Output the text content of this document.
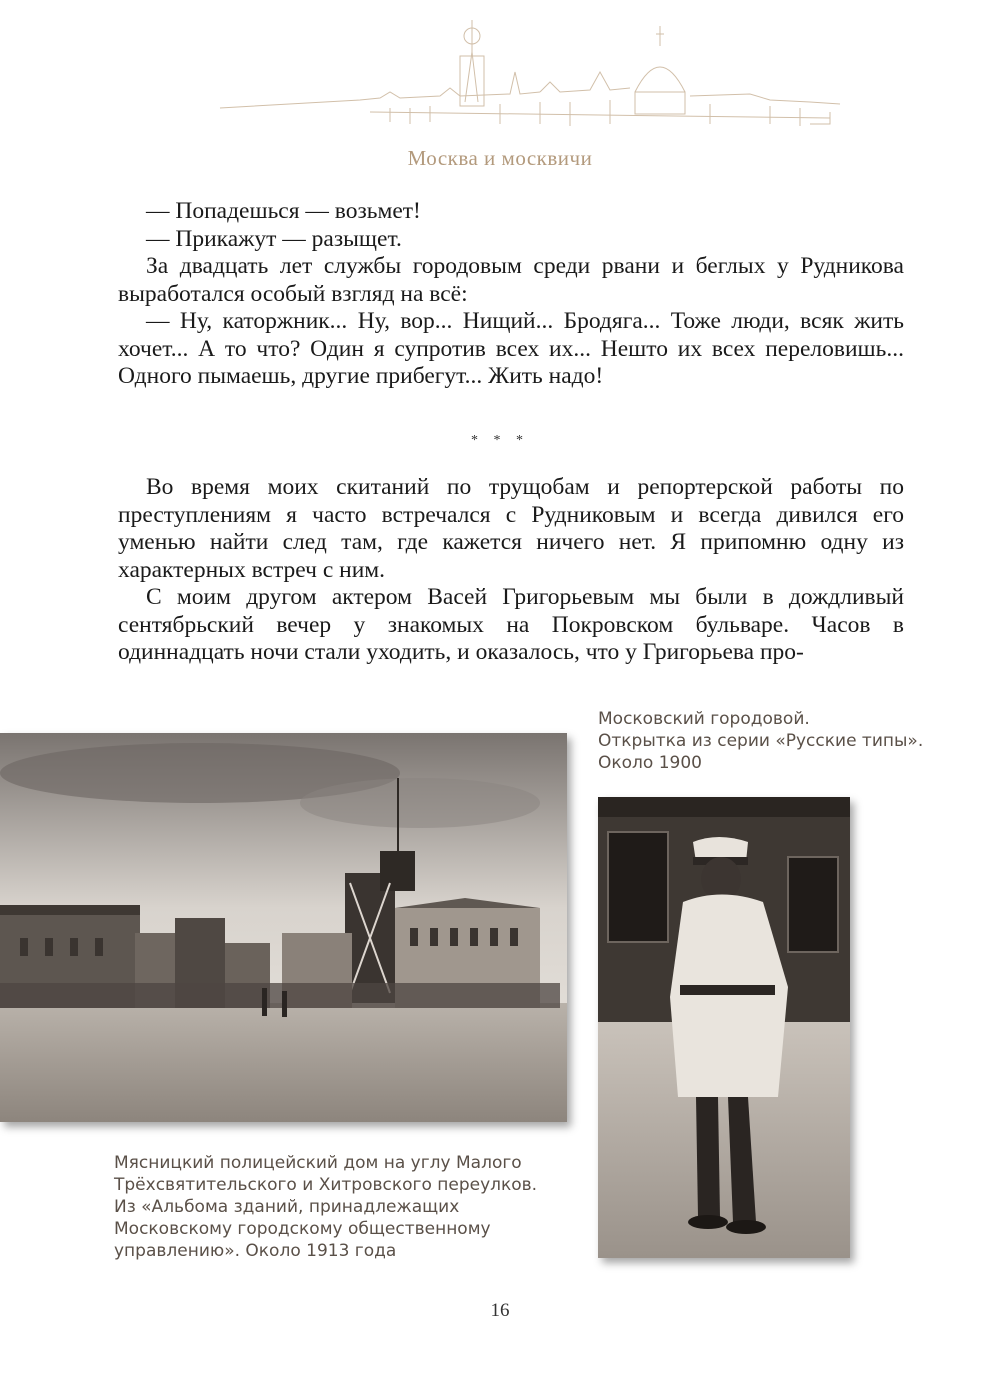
Москва и москвичи

— Попадешься — возьмет!

— Прикажут — разыщет.

За двадцать лет службы городовым среди рвани и беглых у Рудникова выработался особый взгляд на всё:

— Ну, каторжник... Ну, вор... Нищий... Бродяга... Тоже люди, всяк жить хочет... А то что? Один я супротив всех их... Нешто их всех переловишь... Одного пымаешь, другие прибегут... Жить надо!

* * *

Во время моих скитаний по трущобам и репортерской работы по преступлениям я часто встречался с Рудниковым и всегда дивился его уменью найти след там, где кажется ничего нет. Я припомню одну из характерных встреч с ним.

С моим другом актером Васей Григорьевым мы были в дождливый сентябрьский вечер у знакомых на Покровском бульваре. Часов в одиннадцать ночи стали уходить, и оказалось, что у Григорьева про-

Московский городовой.
Открытка из серии «Русские типы».
Около 1900
Мясницкий полицейский дом на углу Малого
Трёхсвятительского и Хитровского переулков.
Из «Альбома зданий, принадлежащих
Московскому городскому общественному
управлению». Около 1913 года
16
